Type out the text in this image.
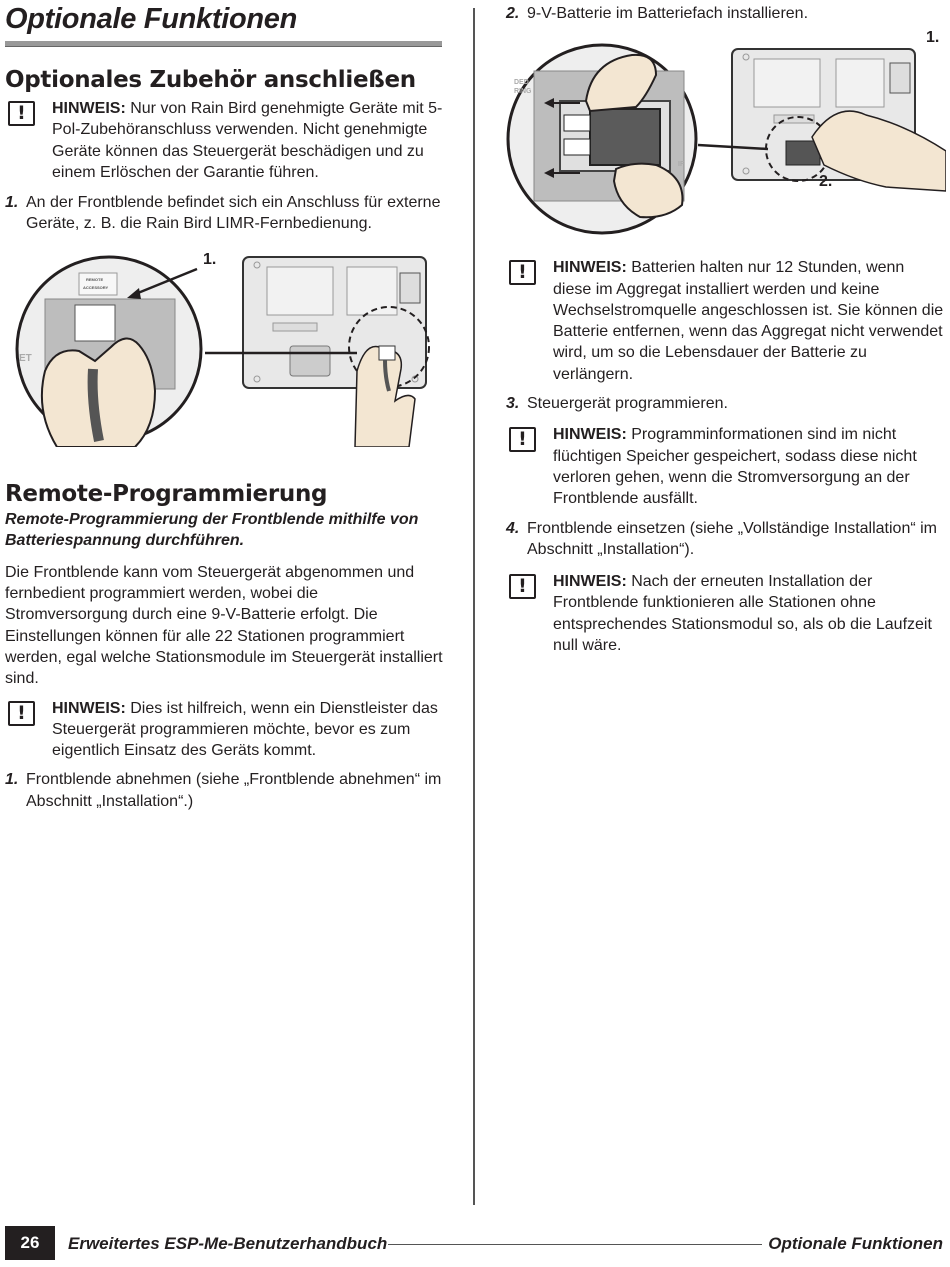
Optionale Funktionen
Optionales Zubehör anschließen
!	HINWEIS: Nur von Rain Bird genehmigte Geräte mit 5-Pol-Zubehöranschluss verwenden. Nicht genehmigte Geräte können das Steuergerät beschädigen und zu einem Erlöschen der Garantie führen.
1. An der Frontblende befindet sich ein Anschluss für externe Geräte, z. B. die Rain Bird LIMR-Fernbedienung.
1.
REMOTE
ACCESSORY
ET
Remote-Programmierung
Remote-Programmierung der Frontblende mithilfe von Batteriespannung durchführen.
Die Frontblende kann vom Steuergerät abgenommen und fernbedient programmiert werden, wobei die Stromversorgung durch eine 9-V-Batterie erfolgt. Die Einstellungen können für alle 22 Stationen programmiert werden, egal welche Stationsmodule im Steuergerät installiert sind.
!	HINWEIS: Dies ist hilfreich, wenn ein Dienstleister das Steuergerät programmieren möchte, bevor es zum eigentlich Einsatz des Geräts kommt.
1. Frontblende abnehmen (siehe „Frontblende abnehmen“ im Abschnitt „Installation“.)
2. 9-V-Batterie im Batteriefach installieren.
1.
2.
DED
RING
IF
!	HINWEIS: Batterien halten nur 12 Stunden, wenn diese im Aggregat installiert werden und keine Wechselstromquelle angeschlossen ist. Sie können die Batterie entfernen, wenn das Aggregat nicht verwendet wird, um so die Lebensdauer der Batterie zu verlängern.
3. Steuergerät programmieren.
!	HINWEIS: Programminformationen sind im nicht flüchtigen Speicher gespeichert, sodass diese nicht verloren gehen, wenn die Stromversorgung an der Frontblende ausfällt.
4. Frontblende einsetzen (siehe „Vollständige Installation“ im Abschnitt „Installation“).
!	HINWEIS: Nach der erneuten Installation der Frontblende funktionieren alle Stationen ohne entsprechendes Stationsmodul so, als ob die Laufzeit null wäre.
26	Erweitertes ESP-Me-Benutzerhandbuch	Optionale Funktionen
